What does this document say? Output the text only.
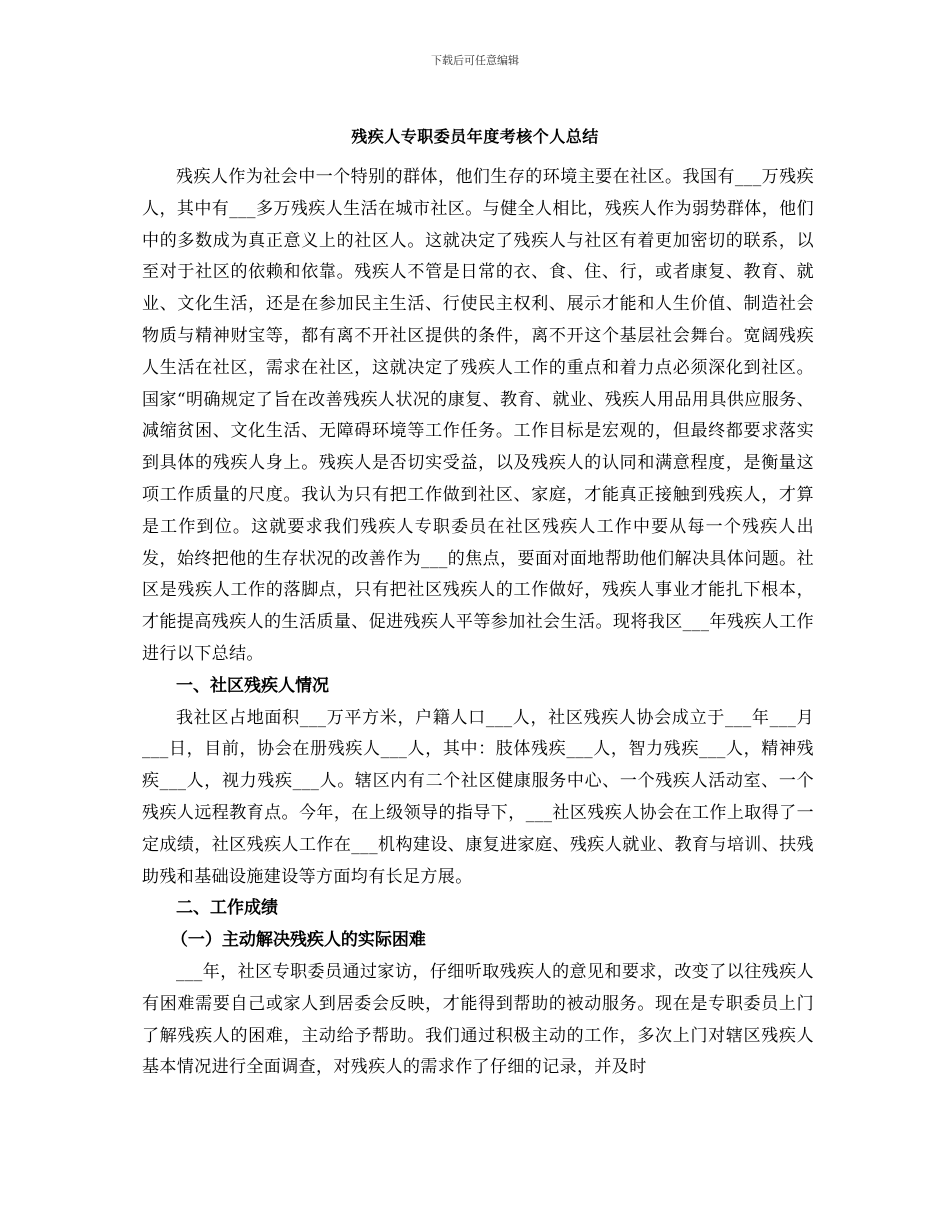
下载后可任意编辑
残疾人专职委员年度考核个人总结

残疾人作为社会中一个特别的群体，他们生存的环境主要在社区。我国有___万残疾人，其中有___多万残疾人生活在城市社区。与健全人相比，残疾人作为弱势群体，他们中的多数成为真正意义上的社区人。这就决定了残疾人与社区有着更加密切的联系，以至对于社区的依赖和依靠。残疾人不管是日常的衣、食、住、行，或者康复、教育、就业、文化生活，还是在参加民主生活、行使民主权利、展示才能和人生价值、制造社会物质与精神财宝等，都有离不开社区提供的条件，离不开这个基层社会舞台。宽阔残疾人生活在社区，需求在社区，这就决定了残疾人工作的重点和着力点必须深化到社区。国家“明确规定了旨在改善残疾人状况的康复、教育、就业、残疾人用品用具供应服务、减缩贫困、文化生活、无障碍环境等工作任务。工作目标是宏观的，但最终都要求落实到具体的残疾人身上。残疾人是否切实受益，以及残疾人的认同和满意程度，是衡量这项工作质量的尺度。我认为只有把工作做到社区、家庭，才能真正接触到残疾人，才算是工作到位。这就要求我们残疾人专职委员在社区残疾人工作中要从每一个残疾人出发，始终把他的生存状况的改善作为___的焦点，要面对面地帮助他们解决具体问题。社区是残疾人工作的落脚点，只有把社区残疾人的工作做好，残疾人事业才能扎下根本，才能提高残疾人的生活质量、促进残疾人平等参加社会生活。现将我区___年残疾人工作进行以下总结。

一、社区残疾人情况

我社区占地面积___万平方米，户籍人口___人，社区残疾人协会成立于___年___月___日，目前，协会在册残疾人___人，其中：肢体残疾___人，智力残疾___人，精神残疾___人，视力残疾___人。辖区内有二个社区健康服务中心、一个残疾人活动室、一个残疾人远程教育点。今年，在上级领导的指导下，___社区残疾人协会在工作上取得了一定成绩，社区残疾人工作在___机构建设、康复进家庭、残疾人就业、教育与培训、扶残助残和基础设施建设等方面均有长足方展。

二、工作成绩

（一）主动解决残疾人的实际困难

___年，社区专职委员通过家访，仔细听取残疾人的意见和要求，改变了以往残疾人有困难需要自己或家人到居委会反映，才能得到帮助的被动服务。现在是专职委员上门了解残疾人的困难，主动给予帮助。我们通过积极主动的工作，多次上门对辖区残疾人基本情况进行全面调查，对残疾人的需求作了仔细的记录，并及时
